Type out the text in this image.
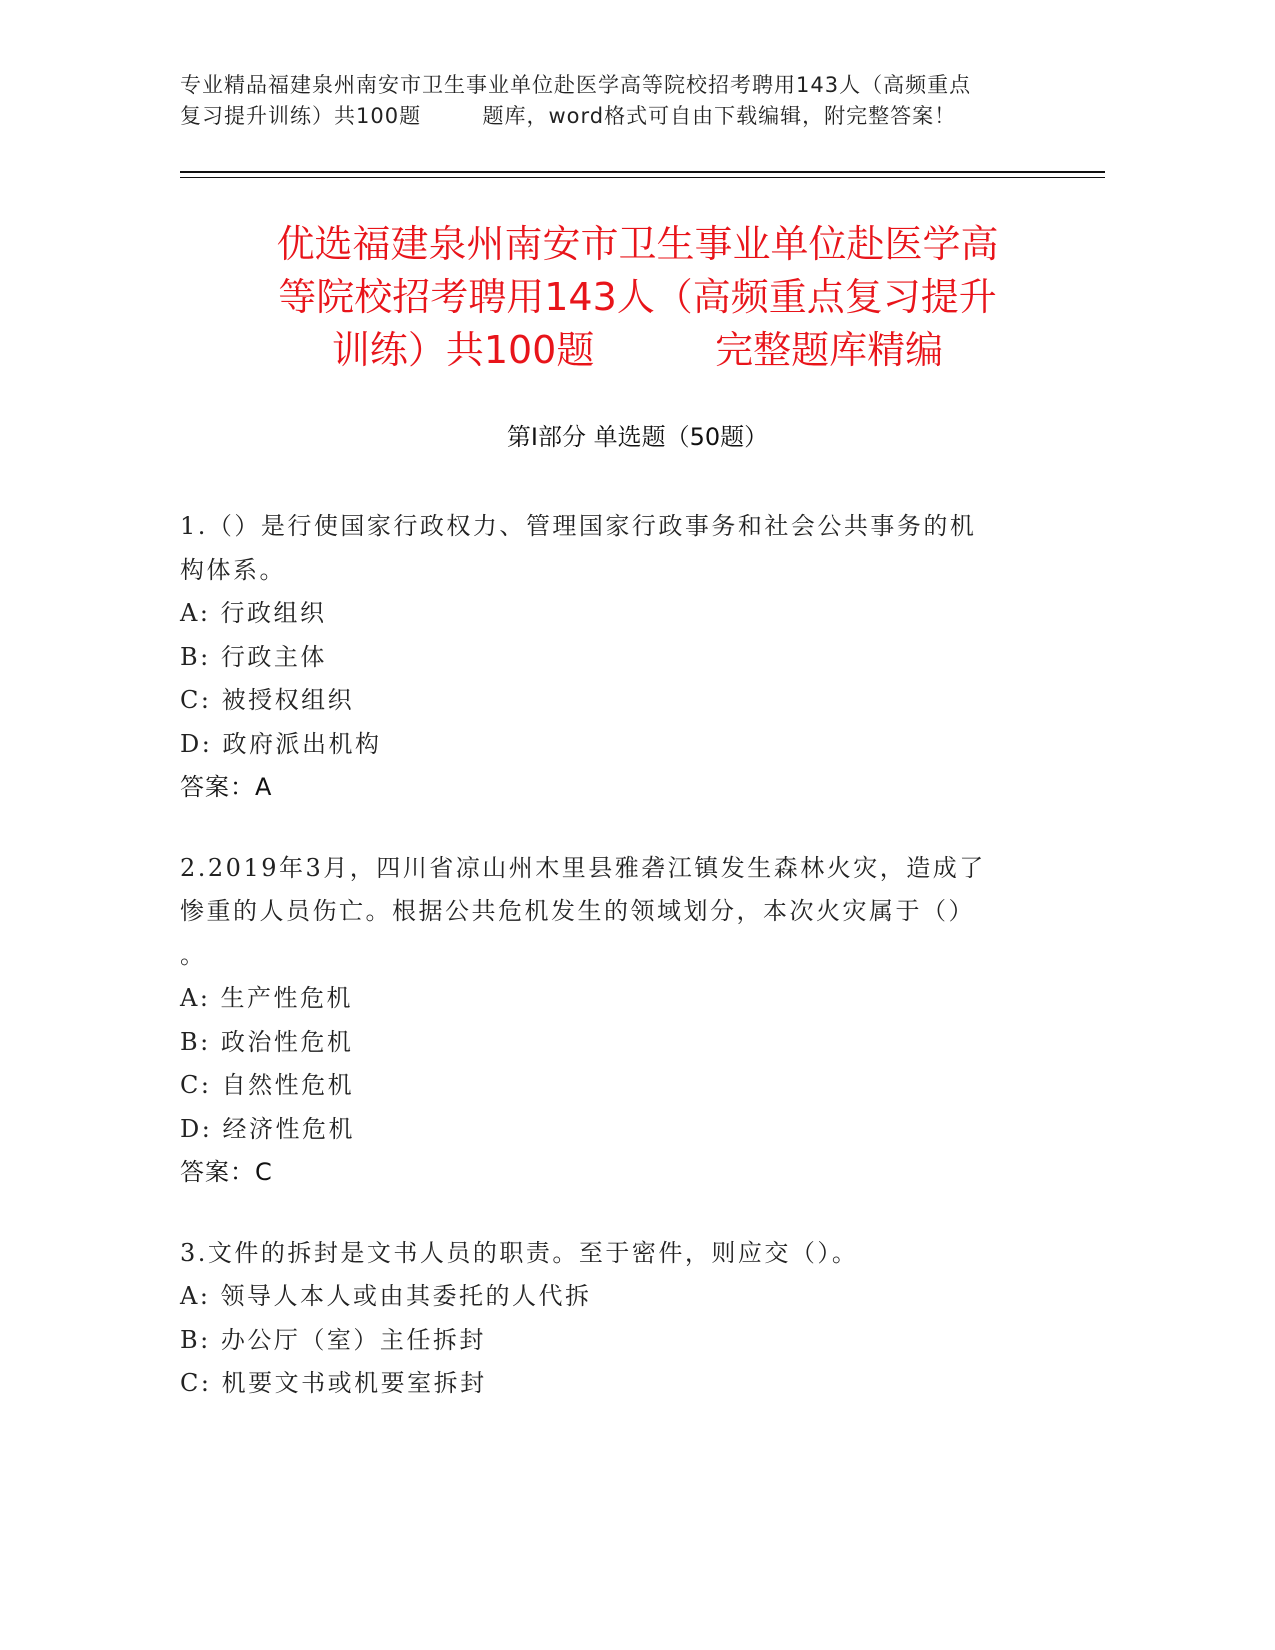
专业精品福建泉州南安市卫生事业单位赴医学高等院校招考聘用143人（高频重点
复习提升训练）共100题        题库，word格式可自由下载编辑，附完整答案！
优选福建泉州南安市卫生事业单位赴医学高
等院校招考聘用143人（高频重点复习提升
训练）共100题          完整题库精编
第Ⅰ部分 单选题（50题）
1.（）是行使国家行政权力、管理国家行政事务和社会公共事务的机
构体系。
A: 行政组织
B: 行政主体
C: 被授权组织
D: 政府派出机构
答案：A
2.2019年3月，四川省凉山州木里县雅砻江镇发生森林火灾，造成了
惨重的人员伤亡。根据公共危机发生的领域划分，本次火灾属于（）
。
A: 生产性危机
B: 政治性危机
C: 自然性危机
D: 经济性危机
答案：C
3.文件的拆封是文书人员的职责。至于密件，则应交（）。
A: 领导人本人或由其委托的人代拆
B: 办公厅（室）主任拆封
C: 机要文书或机要室拆封
